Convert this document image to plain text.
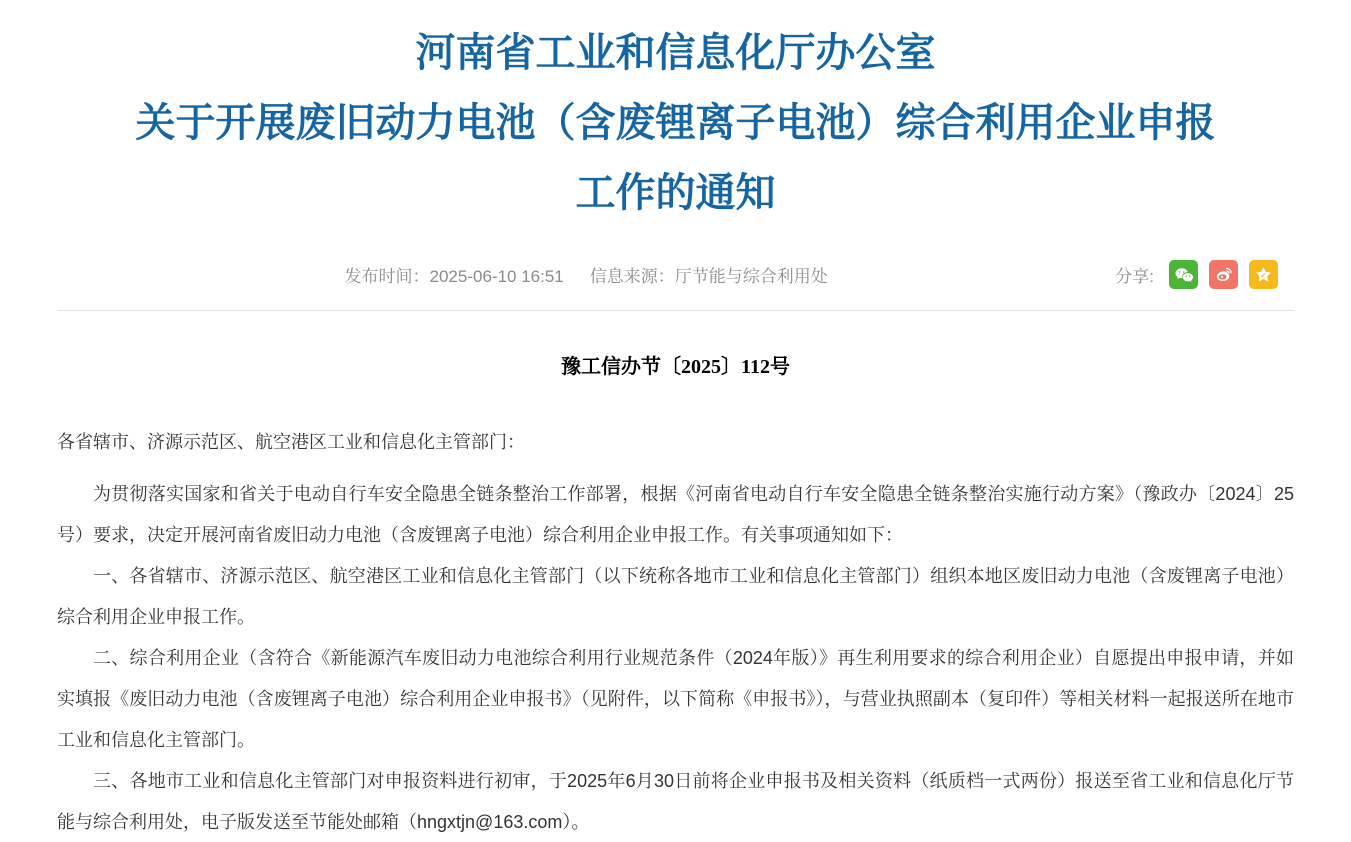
河南省工业和信息化厅办公室
关于开展废旧动力电池（含废锂离子电池）综合利用企业申报
工作的通知
发布时间：2025-06-10 16:51 信息来源：厅节能与综合利用处	分享:
豫工信办节〔2025〕112号

各省辖市、济源示范区、航空港区工业和信息化主管部门：

为贯彻落实国家和省关于电动自行车安全隐患全链条整治工作部署，根据《河南省电动自行车安全隐患全链条整治实施行动方案》（豫政办〔2024〕25号）要求，决定开展河南省废旧动力电池（含废锂离子电池）综合利用企业申报工作。有关事项通知如下：

一、各省辖市、济源示范区、航空港区工业和信息化主管部门（以下统称各地市工业和信息化主管部门）组织本地区废旧动力电池（含废锂离子电池）综合利用企业申报工作。

二、综合利用企业（含符合《新能源汽车废旧动力电池综合利用行业规范条件（2024年版）》再生利用要求的综合利用企业）自愿提出申报申请，并如实填报《废旧动力电池（含废锂离子电池）综合利用企业申报书》（见附件，以下简称《申报书》），与营业执照副本（复印件）等相关材料一起报送所在地市工业和信息化主管部门。

三、各地市工业和信息化主管部门对申报资料进行初审，于2025年6月30日前将企业申报书及相关资料（纸质档一式两份）报送至省工业和信息化厅节能与综合利用处，电子版发送至节能处邮箱（hngxtjn@163.com）。
